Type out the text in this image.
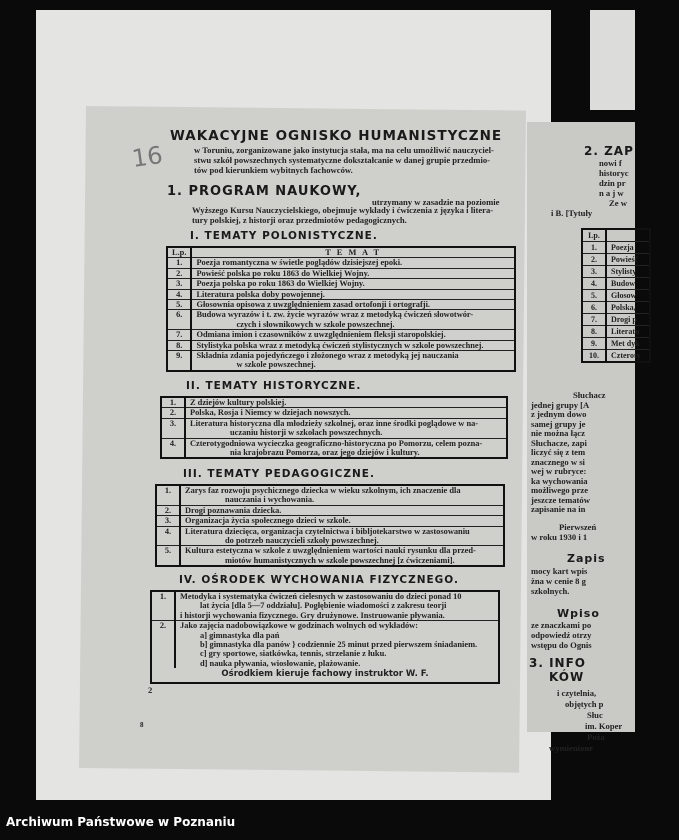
16
WAKACYJNE OGNISKO HUMANISTYCZNE
w Toruniu, zorganizowane jako instytucja stała, ma na celu umożliwić nauczyciel-
stwu szkół powszechnych systematyczne dokształcanie w danej grupie przedmio-
tów pod kierunkiem wybitnych fachowców.
1. PROGRAM NAUKOWY,
utrzymany w zasadzie na poziomie
Wyższego Kursu Nauczycielskiego, obejmuje wykłady i ćwiczenia z języka i litera-
tury polskiej, z historji oraz przedmiotów pedagogicznych.
I. TEMATY POLONISTYCZNE.
L.p.	T E M A T
1.	Poezja romantyczna w świetle poglądów dzisiejszej epoki.
2.	Powieść polska po roku 1863 do Wielkiej Wojny.
3.	Poezja polska po roku 1863 do Wielkiej Wojny.
4.	Literatura polska doby powojennej.
5.	Głosownia opisowa z uwzględnieniem zasad ortofonji i ortografji.
6.	Budowa wyrazów i t. zw. życie wyrazów wraz z metodyką ćwiczeń słowotwór-
czych i słownikowych w szkole powszechnej.

7.	Odmiana imion i czasowników z uwzględnieniem fleksji staropolskiej.
8.	Stylistyka polska wraz z metodyką ćwiczeń stylistycznych w szkole powszechnej.
9.	Składnia zdania pojedyńczego i złożonego wraz z metodyką jej nauczania
w szkole powszechnej.
II. TEMATY HISTORYCZNE.
1.	Z dziejów kultury polskiej.
2.	Polska, Rosja i Niemcy w dziejach nowszych.
3.	Literatura historyczna dla młodzieży szkolnej, oraz inne środki poglądowe w na-
uczaniu historji w szkołach powszechnych.

4.	Czterotygodniowa wycieczka geograficzno-historyczna po Pomorzu, celem pozna-
nia krajobrazu Pomorza, oraz jego dziejów i kultury.
III. TEMATY PEDAGOGICZNE.
1.	Zarys faz rozwoju psychicznego dziecka w wieku szkolnym, ich znaczenie dla
nauczania i wychowania.

2.	Drogi poznawania dziecka.
3.	Organizacja życia społecznego dzieci w szkole.
4.	Literatura dziecięca, organizacja czytelnictwa i bibljotekarstwo w zastosowaniu
do potrzeb nauczycieli szkoły powszechnej.

5.	Kultura estetyczna w szkole z uwzględnieniem wartości nauki rysunku dla przed-
miotów humanistycznych w szkole powszechnej [z ćwiczeniami].
IV. OŚRODEK WYCHOWANIA FIZYCZNEGO.
1.	Metodyka i systematyka ćwiczeń cielesnych w zastosowaniu do dzieci ponad 10

lat życia [dla 5—7 oddziału]. Pogłębienie wiadomości z zakresu teorji
i historji wychowania fizycznego. Gry drużynowe. Instruowanie pływania.
2.	Jako zajęcia nadobowiązkowe w godzinach wolnych od wykładów:
a] gimnastyka dla pań
b] gimnastyka dla panów } codziennie 25 minut przed pierwszem śniadaniem.
c] gry sportowe, siatkówka, tennis, strzelanie z łuku.
d] nauka pływania, wiosłowanie, plażowanie.
Ośrodkiem kieruje fachowy instruktor W. F.	
2
8
2. ZAP
nowi f
historyc
dzin pr
n a j w
Ze w
i B. [Tytuły
Lp.	
1.	Poezja
2.	Powieść
3.	Stylisty
4.	Budow
5.	Głosow
6.	Polska,
7.	Drogi p
8.	Literatu
9.	Met dyk
10.	Czteroty
Słuchacz
jednej grupy [A
z jednym dowo
samej grupy je
nie można łącz
Słuchacze, zapi
liczyć się z tem
znacznego w si
wej w rubryce:
ka wychowania
możliwego prze
jeszcze tematów
zapisanie na in
Pierwszeń
w roku 1930 i 1
Zapis
mocy kart wpis
żna w cenie 8 g
szkolnych.
Wpiso
ze znaczkami po
odpowiedź otrzy
wstępu do Ognis
3. INFO
KÓW
i czytelnia,
objętych p
Słuc
im. Koper
Poża
wymienione
Archiwum Państwowe w Poznaniu
